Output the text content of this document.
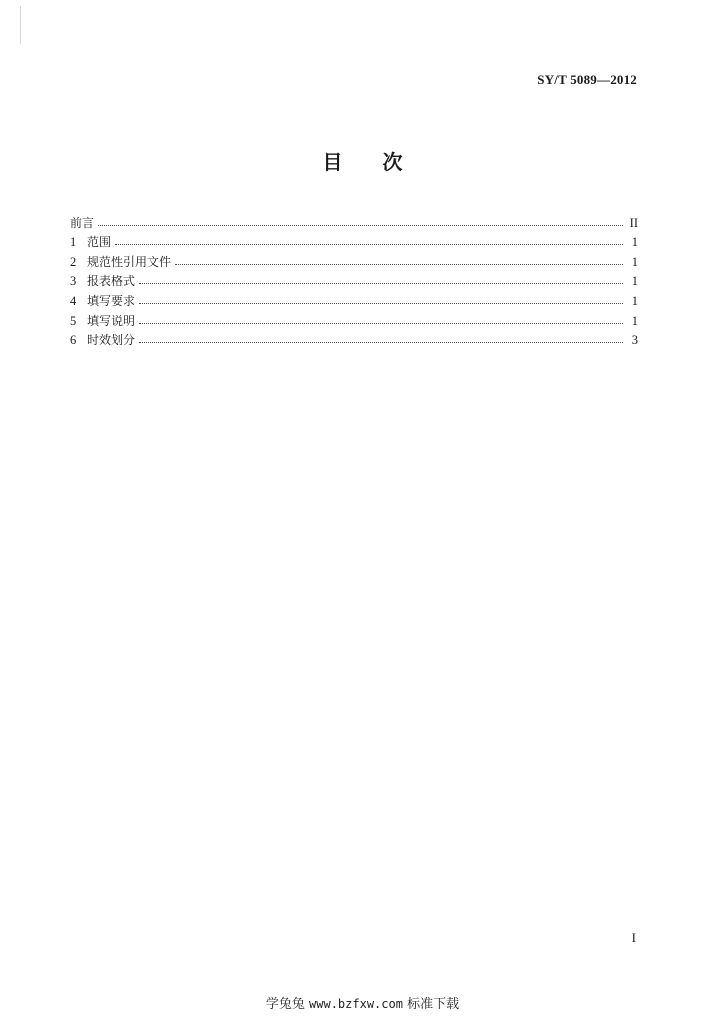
SY/T 5089—2012
目 次
前言	II
1 范围	1
2 规范性引用文件	1
3 报表格式	1
4 填写要求	1
5 填写说明	1
6 时效划分	3
I
学兔兔 www.bzfxw.com 标准下载
